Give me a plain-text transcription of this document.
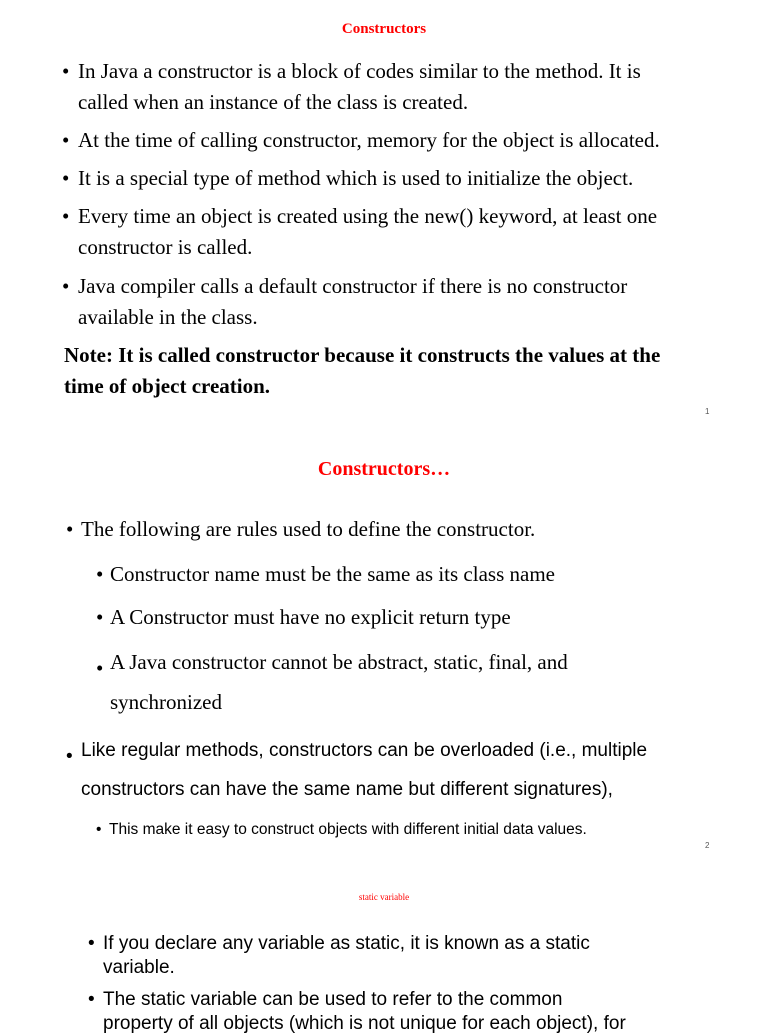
Constructors
• In Java a constructor is a block of codes similar to the method. It is
called when an instance of the class is created.
• At the time of calling constructor, memory for the object is allocated.
• It is a special type of method which is used to initialize the object.
• Every time an object is created using the new() keyword, at least one
constructor is called.
• Java compiler calls a default constructor if there is no constructor
available in the class.
Note: It is called constructor because it constructs the values at the
time of object creation.
1
Constructors…
• The following are rules used to define the constructor.
• Constructor name must be the same as its class name
• A Constructor must have no explicit return type
• A Java constructor cannot be abstract, static, final, and
synchronized
• Like regular methods, constructors can be overloaded (i.e., multiple
constructors can have the same name but different signatures),
• This make it easy to construct objects with different initial data values.
2
static variable
• If you declare any variable as static, it is known as a static
variable.
• The static variable can be used to refer to the common
property of all objects (which is not unique for each object), for
